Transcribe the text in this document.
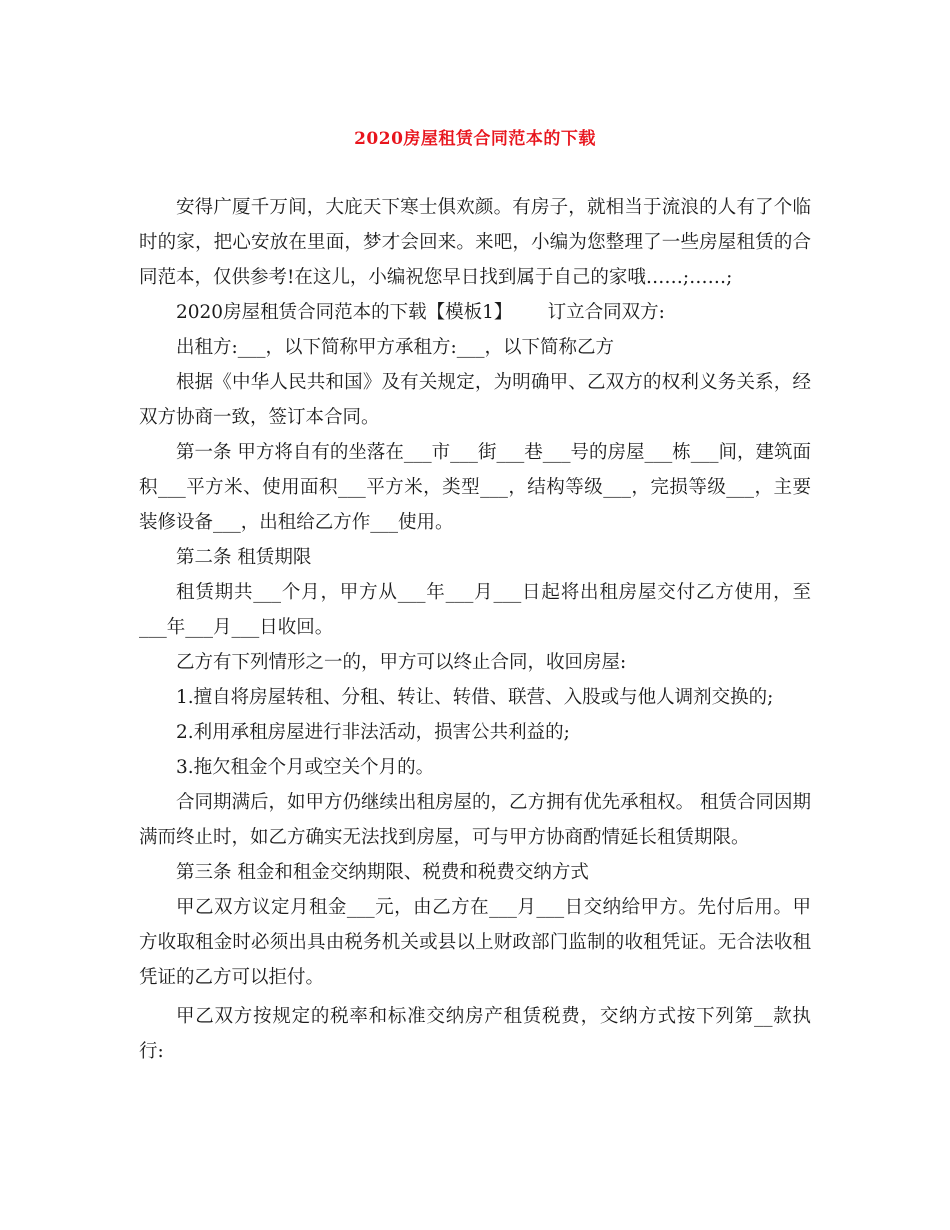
2020房屋租赁合同范本的下载

安得广厦千万间，大庇天下寒士俱欢颜。有房子，就相当于流浪的人有了个临时的家，把心安放在里面，梦才会回来。来吧，小编为您整理了一些房屋租赁的合同范本，仅供参考!在这儿，小编祝您早日找到属于自己的家哦……;……;

2020房屋租赁合同范本的下载【模板1】      订立合同双方:

出租方:___，以下简称甲方承租方:___，以下简称乙方

根据《中华人民共和国》及有关规定，为明确甲、乙双方的权利义务关系，经双方协商一致，签订本合同。

第一条 甲方将自有的坐落在___市___街___巷___号的房屋___栋___间，建筑面积___平方米、使用面积___平方米，类型___，结构等级___，完损等级___，主要装修设备___，出租给乙方作___使用。

第二条 租赁期限

租赁期共___个月，甲方从___年___月___日起将出租房屋交付乙方使用，至___年___月___日收回。

乙方有下列情形之一的，甲方可以终止合同，收回房屋:

1.擅自将房屋转租、分租、转让、转借、联营、入股或与他人调剂交换的;

2.利用承租房屋进行非法活动，损害公共利益的;

3.拖欠租金个月或空关个月的。

合同期满后，如甲方仍继续出租房屋的，乙方拥有优先承租权。 租赁合同因期满而终止时，如乙方确实无法找到房屋，可与甲方协商酌情延长租赁期限。

第三条 租金和租金交纳期限、税费和税费交纳方式

甲乙双方议定月租金___元，由乙方在___月___日交纳给甲方。先付后用。甲方收取租金时必须出具由税务机关或县以上财政部门监制的收租凭证。无合法收租凭证的乙方可以拒付。

甲乙双方按规定的税率和标准交纳房产租赁税费，交纳方式按下列第__款执行:
